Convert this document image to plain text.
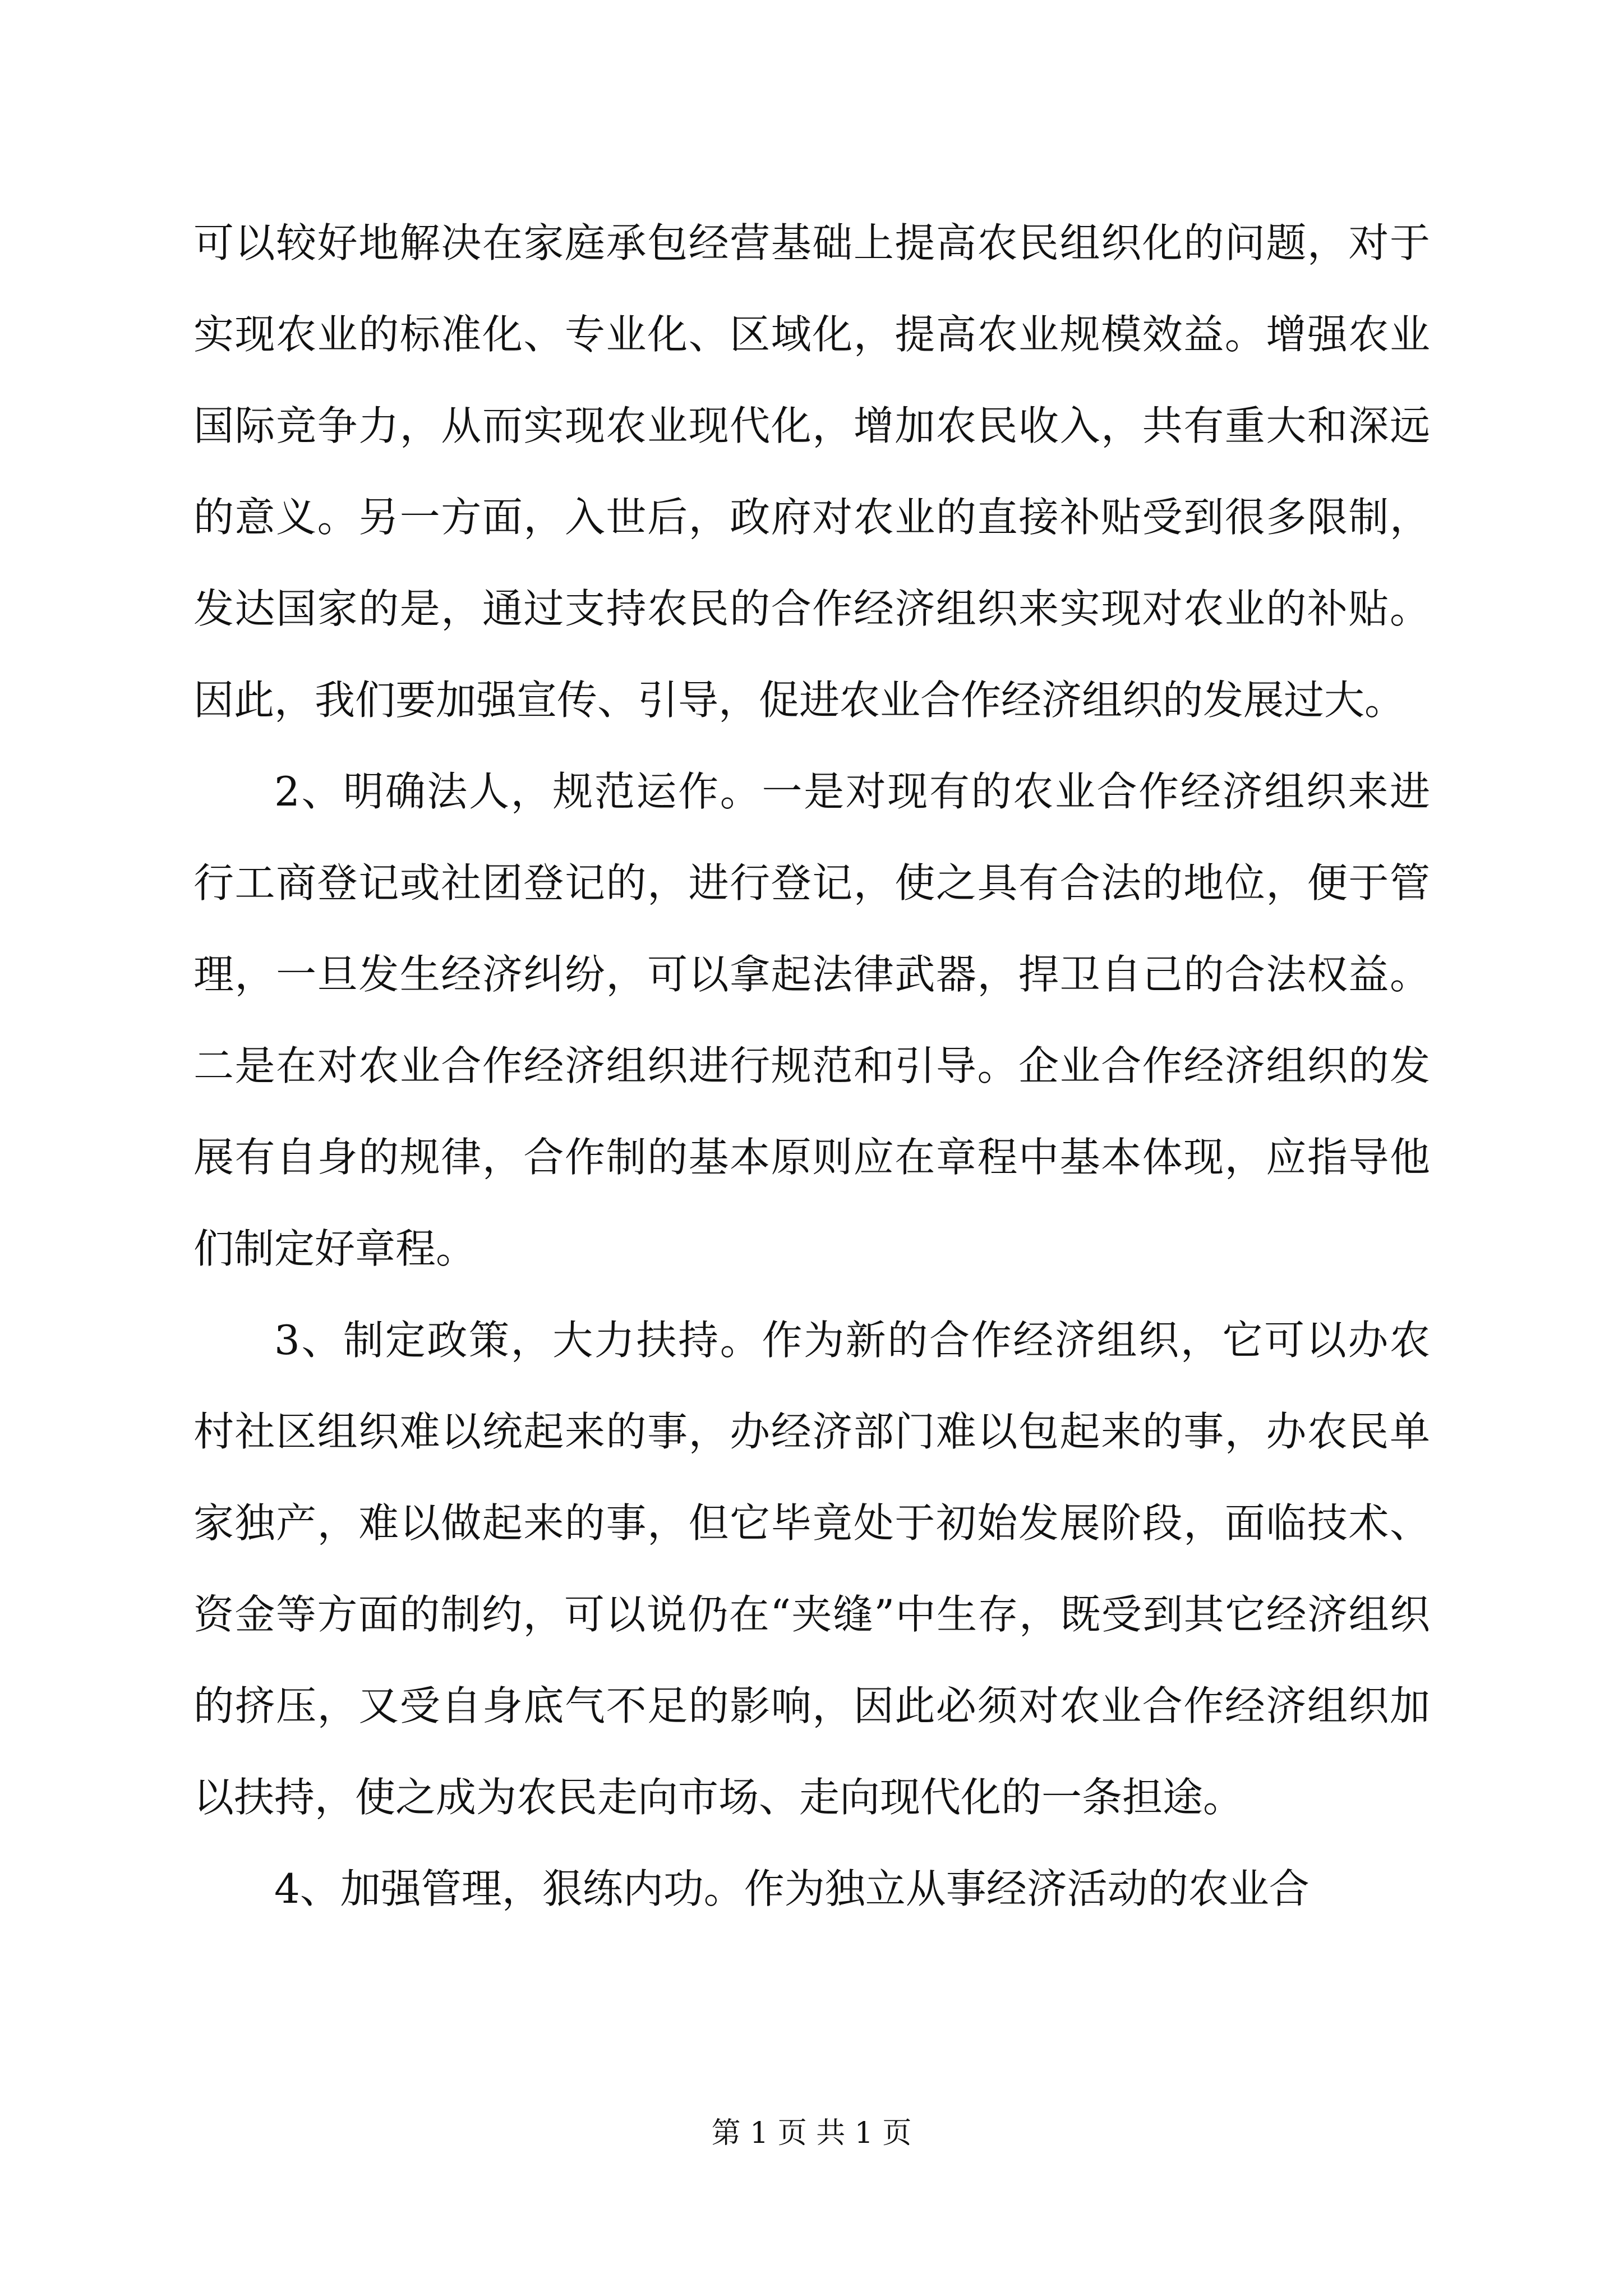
可以较好地解决在家庭承包经营基础上提高农民组织化的问题，对于实现农业的标准化、专业化、区域化，提高农业规模效益。增强农业国际竞争力，从而实现农业现代化，增加农民收入，共有重大和深远的意义。另一方面，入世后，政府对农业的直接补贴受到很多限制，发达国家的是，通过支持农民的合作经济组织来实现对农业的补贴。因此，我们要加强宣传、引导，促进农业合作经济组织的发展过大。

2、明确法人，规范运作。一是对现有的农业合作经济组织来进行工商登记或社团登记的，进行登记，使之具有合法的地位，便于管理，一旦发生经济纠纷，可以拿起法律武器，捍卫自己的合法权益。二是在对农业合作经济组织进行规范和引导。企业合作经济组织的发展有自身的规律，合作制的基本原则应在章程中基本体现，应指导他们制定好章程。

3、制定政策，大力扶持。作为新的合作经济组织，它可以办农村社区组织难以统起来的事，办经济部门难以包起来的事，办农民单家独产，难以做起来的事，但它毕竟处于初始发展阶段，面临技术、资金等方面的制约，可以说仍在“夹缝”中生存，既受到其它经济组织的挤压，又受自身底气不足的影响，因此必须对农业合作经济组织加以扶持，使之成为农民走向市场、走向现代化的一条担途。

4、加强管理，狠练内功。作为独立从事经济活动的农业合

第 1 页 共 1 页
